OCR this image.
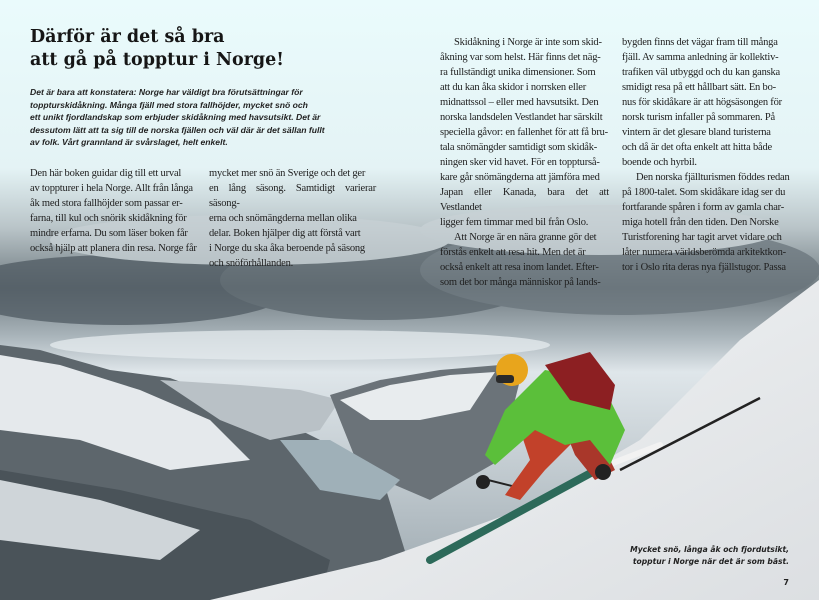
Därför är det så bra
att gå på topptur i Norge!
Det är bara att konstatera: Norge har väldigt bra förutsättningar för
toppturskidåkning. Många fjäll med stora fallhöjder, mycket snö och
ett unikt fjordlandskap som erbjuder skidåkning med havsutsikt. Det är
dessutom lätt att ta sig till de norska fjällen och väl där är det sällan fullt
av folk. Vårt grannland är svårslaget, helt enkelt.
Den här boken guidar dig till ett urval
av toppturer i hela Norge. Allt från långa
åk med stora fallhöjder som passar er-
farna, till kul och snörik skidåkning för
mindre erfarna. Du som läser boken får
också hjälp att planera din resa. Norge får
mycket mer snö än Sverige och det ger
en lång säsong. Samtidigt varierar säsong-
erna och snömängderna mellan olika
delar. Boken hjälper dig att förstå vart
i Norge du ska åka beroende på säsong
och snöförhållanden.
Skidåkning i Norge är inte som skid-
åkning var som helst. Här finns det näg-
ra fullständigt unika dimensioner. Som
att du kan åka skidor i norrsken eller
midnattssol – eller med havsutsikt. Den
norska landsdelen Vestlandet har särskilt
speciella gåvor: en fallenhet för att få bru-
tala snömängder samtidigt som skidåk-
ningen sker vid havet. För en toppturså-
kare går snömängderna att jämföra med
Japan eller Kanada, bara det att Vestlandet
ligger fem timmar med bil från Oslo.
Att Norge är en nära granne gör det
förstås enkelt att resa hit. Men det är
också enkelt att resa inom landet. Efter-
som det bor många människor på lands-
bygden finns det vägar fram till många
fjäll. Av samma anledning är kollektiv-
trafiken väl utbyggd och du kan ganska
smidigt resa på ett hållbart sätt. En bo-
nus för skidåkare är att högsäsongen för
norsk turism infaller på sommaren. På
vintern är det glesare bland turisterna
och då är det ofta enkelt att hitta både
boende och hyrbil.
Den norska fjällturismen föddes redan
på 1800-talet. Som skidåkare idag ser du
fortfarande spåren i form av gamla char-
miga hotell från den tiden. Den Norske
Turistforening har tagit arvet vidare och
låter numera världsberömda arkitektkon-
tor i Oslo rita deras nya fjällstugor. Passa
Mycket snö, långa åk och fjordutsikt,
topptur i Norge när det är som bäst.
7
